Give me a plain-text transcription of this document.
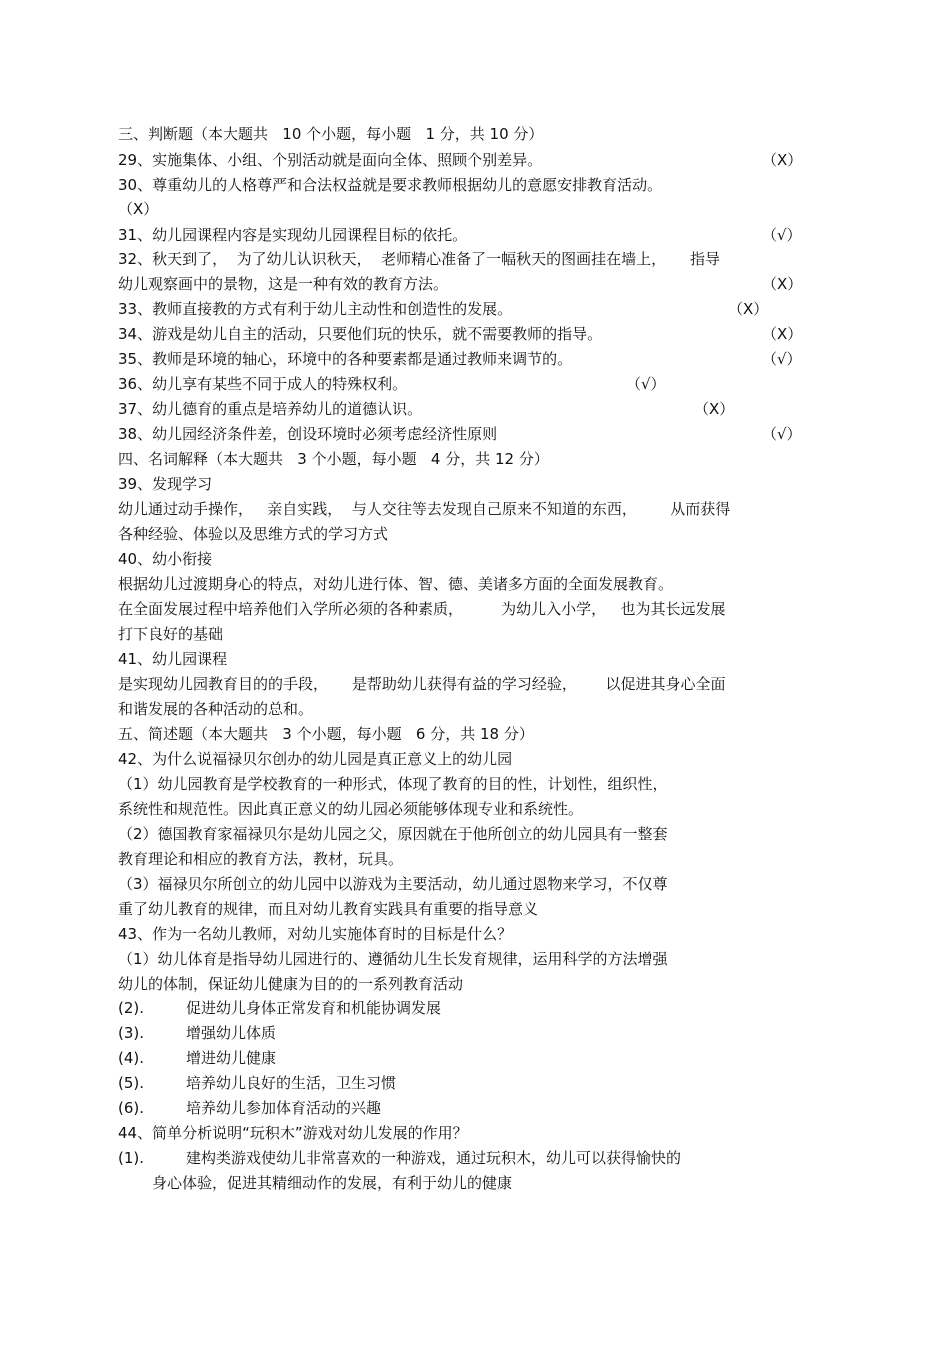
三、判断题（本大题共   10 个小题，每小题   1 分，共 10 分）
29、实施集体、小组、个别活动就是面向全体、照顾个别差异。	（X）
30、尊重幼儿的人格尊严和合法权益就是要求教师根据幼儿的意愿安排教育活动。
（X）
31、幼儿园课程内容是实现幼儿园课程目标的依托。	（√）
32、秋天到了，  为了幼儿认识秋天，  老师精心准备了一幅秋天的图画挂在墙上，     指导
幼儿观察画中的景物，这是一种有效的教育方法。	（X）
33、教师直接教的方式有利于幼儿主动性和创造性的发展。	（X）
34、游戏是幼儿自主的活动，只要他们玩的快乐，就不需要教师的指导。	（X）
35、教师是环境的轴心，环境中的各种要素都是通过教师来调节的。	（√）
36、幼儿享有某些不同于成人的特殊权利。	（√）
37、幼儿德育的重点是培养幼儿的道德认识。	（X）
38、幼儿园经济条件差，创设环境时必须考虑经济性原则	（√）
四、名词解释（本大题共   3 个小题，每小题   4 分，共 12 分）
39、发现学习
幼儿通过动手操作，   亲自实践，  与人交往等去发现自己原来不知道的东西，       从而获得
各种经验、体验以及思维方式的学习方式
40、幼小衔接
根据幼儿过渡期身心的特点，对幼儿进行体、智、德、美诸多方面的全面发展教育。
在全面发展过程中培养他们入学所必须的各种素质，        为幼儿入小学，   也为其长远发展
打下良好的基础
41、幼儿园课程
是实现幼儿园教育目的的手段，     是帮助幼儿获得有益的学习经验，      以促进其身心全面
和谐发展的各种活动的总和。
五、简述题（本大题共   3 个小题，每小题   6 分，共 18 分）
42、为什么说福禄贝尔创办的幼儿园是真正意义上的幼儿园
（1）幼儿园教育是学校教育的一种形式，体现了教育的目的性，计划性，组织性，
系统性和规范性。因此真正意义的幼儿园必须能够体现专业和系统性。
（2）德国教育家福禄贝尔是幼儿园之父，原因就在于他所创立的幼儿园具有一整套
教育理论和相应的教育方法，教材，玩具。
（3）福禄贝尔所创立的幼儿园中以游戏为主要活动，幼儿通过恩物来学习，不仅尊
重了幼儿教育的规律，而且对幼儿教育实践具有重要的指导意义
43、作为一名幼儿教师，对幼儿实施体育时的目标是什么？
（1）幼儿体育是指导幼儿园进行的、遵循幼儿生长发育规律，运用科学的方法增强
幼儿的体制，保证幼儿健康为目的的一系列教育活动
(2).	促进幼儿身体正常发育和机能协调发展
(3).	增强幼儿体质
(4).	增进幼儿健康
(5).	培养幼儿良好的生活，卫生习惯
(6).	培养幼儿参加体育活动的兴趣
44、简单分析说明“玩积木”游戏对幼儿发展的作用？
(1).	建构类游戏使幼儿非常喜欢的一种游戏，通过玩积木，幼儿可以获得愉快的
身心体验，促进其精细动作的发展，有利于幼儿的健康
